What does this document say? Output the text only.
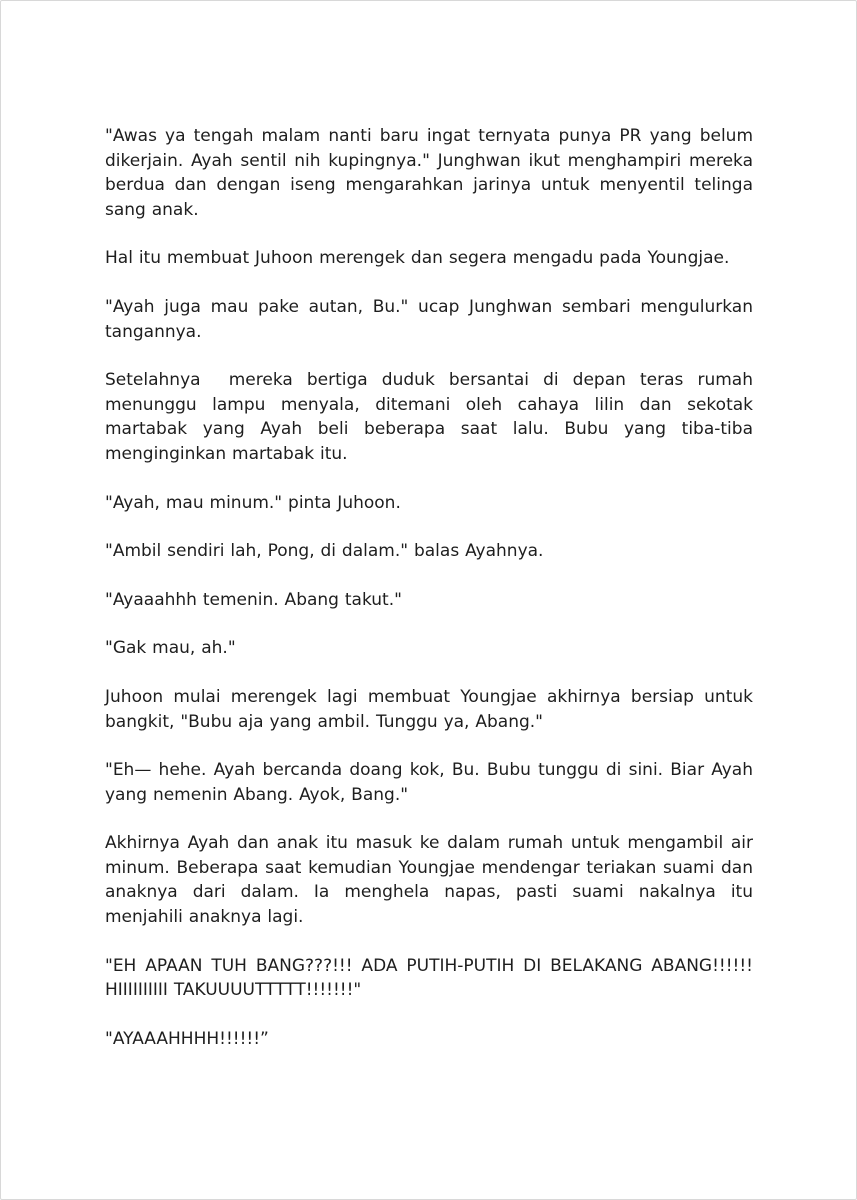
"Awas ya tengah malam nanti baru ingat ternyata punya PR yang belum dikerjain. Ayah sentil nih kupingnya." Junghwan ikut menghampiri mereka berdua dan dengan iseng mengarahkan jarinya untuk menyentil telinga sang anak.

Hal itu membuat Juhoon merengek dan segera mengadu pada Youngjae.

"Ayah juga mau pake autan, Bu." ucap Junghwan sembari mengulurkan tangannya.

Setelahnya  mereka bertiga duduk bersantai di depan teras rumah menunggu lampu menyala, ditemani oleh cahaya lilin dan sekotak martabak yang Ayah beli beberapa saat lalu. Bubu yang tiba-tiba menginginkan martabak itu.

"Ayah, mau minum." pinta Juhoon.

"Ambil sendiri lah, Pong, di dalam." balas Ayahnya.

"Ayaaahhh temenin. Abang takut."

"Gak mau, ah."

Juhoon mulai merengek lagi membuat Youngjae akhirnya bersiap untuk bangkit, "Bubu aja yang ambil. Tunggu ya, Abang."

"Eh— hehe. Ayah bercanda doang kok, Bu. Bubu tunggu di sini. Biar Ayah yang nemenin Abang. Ayok, Bang."

Akhirnya Ayah dan anak itu masuk ke dalam rumah untuk mengambil air minum. Beberapa saat kemudian Youngjae mendengar teriakan suami dan anaknya dari dalam. Ia menghela napas, pasti suami nakalnya itu menjahili anaknya lagi.

"EH APAAN TUH BANG???!!! ADA PUTIH-PUTIH DI BELAKANG ABANG!!!!!! HIIIIIIIIII TAKUUUUTTTTT!!!!!!!"

"AYAAAHHHH!!!!!!”
